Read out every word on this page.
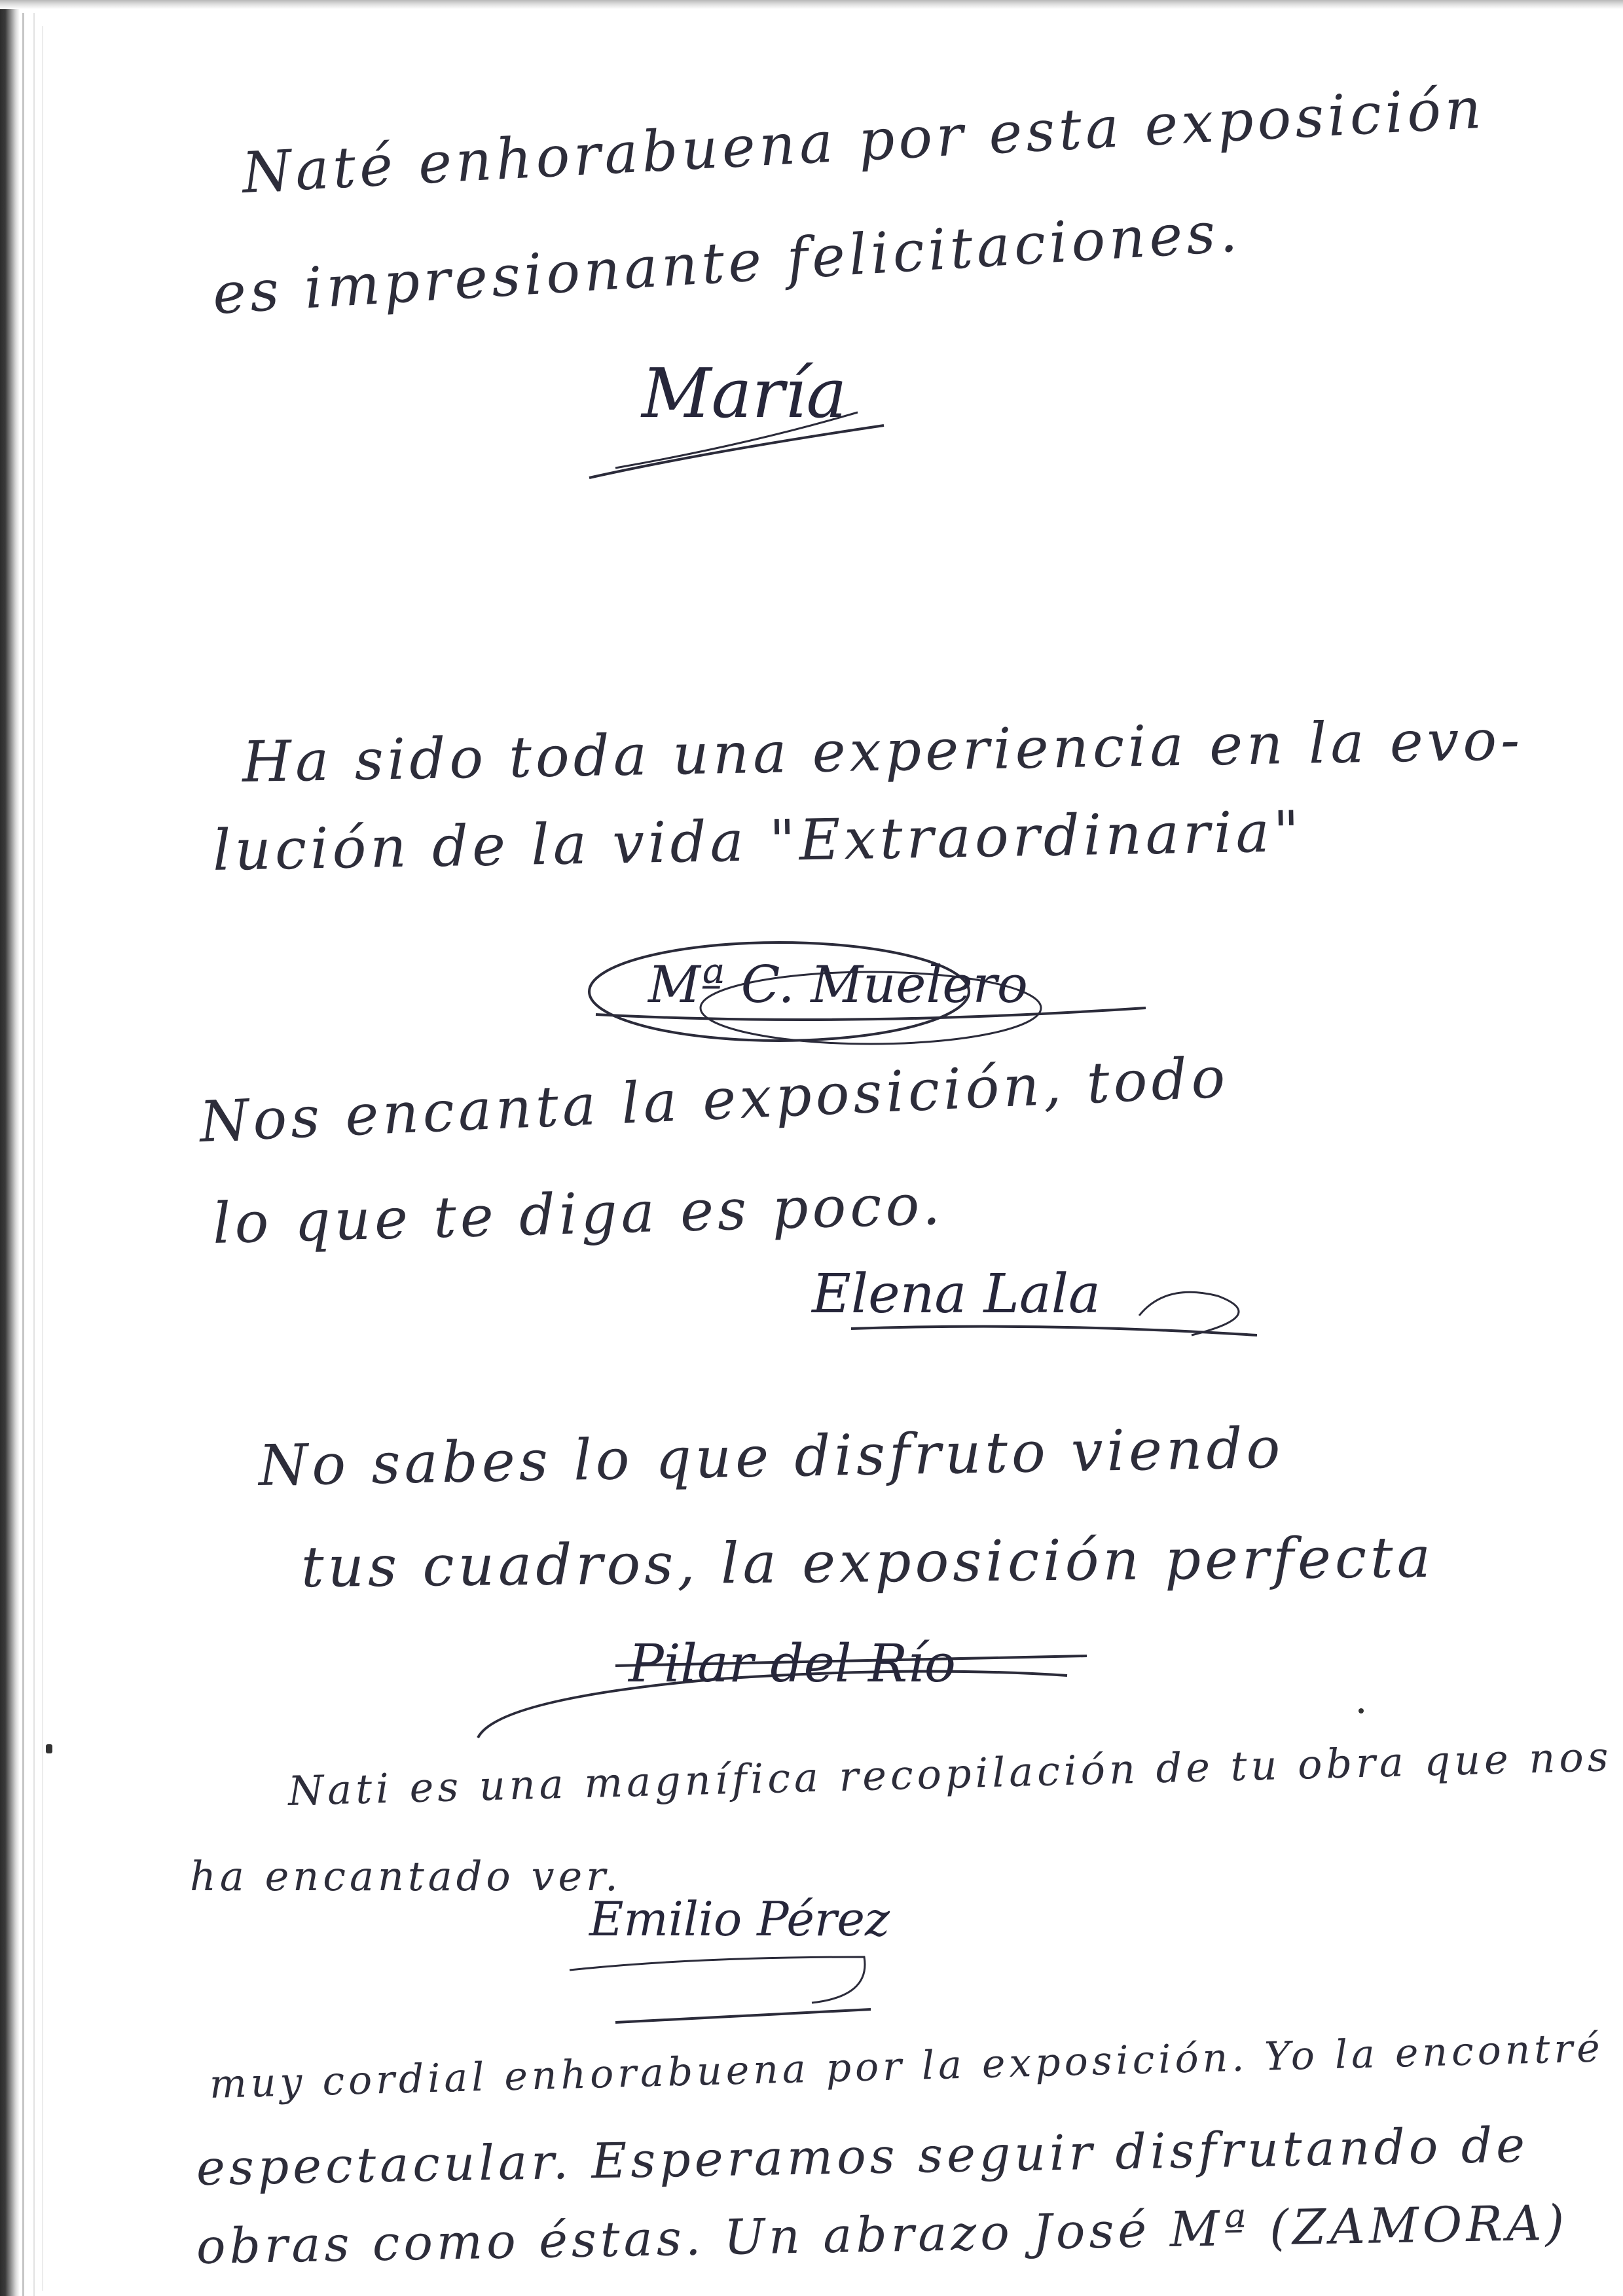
Naté enhorabuena por esta exposición
es impresionante felicitaciones.
María
Ha sido toda una experiencia en la evo-
lución de la vida "Extraordinaria"
Mª C. Muelero
Nos encanta la exposición, todo
lo que te diga es poco.
Elena Lala
No sabes lo que disfruto viendo
tus cuadros, la exposición perfecta
Pilar del Río
Nati es una magnífica recopilación de tu obra que nos
ha encantado ver.
Emilio Pérez
muy cordial enhorabuena por la exposición. Yo la encontré
espectacular. Esperamos seguir disfrutando de
obras como éstas. Un abrazo José Mª (ZAMORA)
